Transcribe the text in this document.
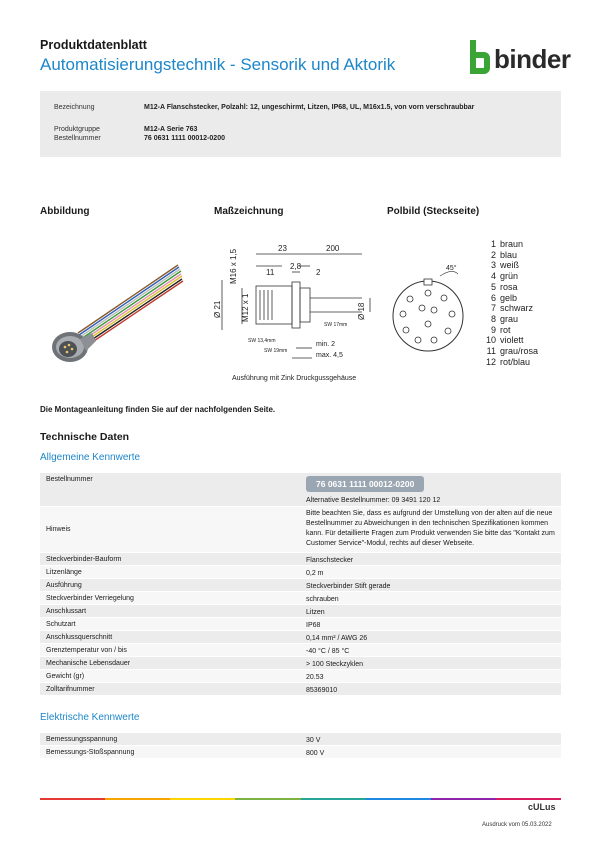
Produktdatenblatt
Automatisierungstechnik - Sensorik und Aktorik	binder
Bezeichnung	M12-A Flanschstecker, Polzahl: 12, ungeschirmt, Litzen, IP68, UL, M16x1.5, von vorn verschraubbar
Produktgruppe	M12-A Serie 763
Bestellnummer	76 0631 1111 00012-0200
Abbildung	Maßzeichnung	Polbild (Steckseite)
23	200
11
2,8
2
M16 x 1,5
Ø 21 M12 x 1	Ø 18
SW 17mm
SW 13,4mm
SW 19mm
min. 2
max. 4,5
Ausführung mit Zink Druckgussgehäuse
45°
1 braun
2 blau
3 weiß
4 grün
5 rosa
6 gelb
7 schwarz
8 grau
9 rot
10 violett
11 grau/rosa
12 rot/blau
Die Montageanleitung finden Sie auf der nachfolgenden Seite.
Technische Daten
Allgemeine Kennwerte
Bestellnummer	76 0631 1111 00012-0200
Alternative Bestellnummer: 09 3491 120 12
Hinweis
Bitte beachten Sie, dass es aufgrund der Umstellung von der alten auf die neue Bestellnummer zu Abweichungen in den technischen Spezifikationen kommen kann. Für detaillierte Fragen zum Produkt verwenden Sie bitte das "Kontakt zum Customer Service"-Modul, rechts auf dieser Webseite.
Steckverbinder-Bauform	Flanschstecker
Litzenlänge	0,2 m
Ausführung	Steckverbinder Stift gerade
Steckverbinder Verriegelung	schrauben
Anschlussart	Litzen
Schutzart	IP68
Anschlussquerschnitt	0,14 mm² / AWG 26
Grenztemperatur von / bis	-40 °C / 85 °C
Mechanische Lebensdauer	> 100 Steckzyklen
Gewicht (gr)	20.53
Zolltarifnummer	85369010
Elektrische Kennwerte
Bemessungsspannung	30 V
Bemessungs-Stoßspannung	800 V
cULus
Ausdruck vom 05.03.2022
